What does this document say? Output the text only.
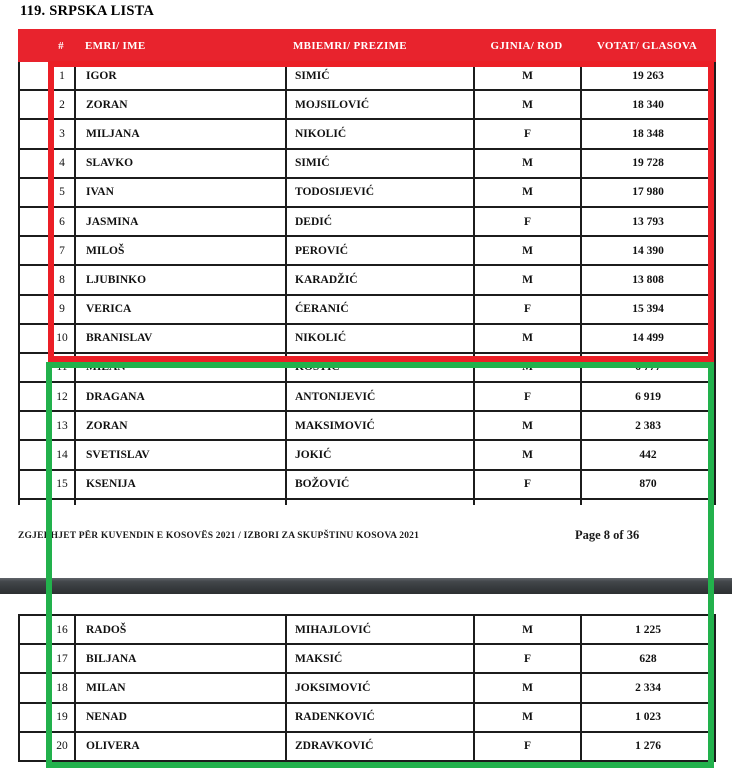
119. SRPSKA LISTA
#	EMRI/ IME	MBIEMRI/ PREZIME	GJINIA/ ROD	VOTAT/ GLASOVA
1	IGOR	SIMIĆ	M	19 263
2	ZORAN	MOJSILOVIĆ	M	18 340
3	MILJANA	NIKOLIĆ	F	18 348
4	SLAVKO	SIMIĆ	M	19 728
5	IVAN	TODOSIJEVIĆ	M	17 980
6	JASMINA	DEDIĆ	F	13 793
7	MILOŠ	PEROVIĆ	M	14 390
8	LJUBINKO	KARADŽIĆ	M	13 808
9	VERICA	ĆERANIĆ	F	15 394
10	BRANISLAV	NIKOLIĆ	M	14 499
11	MILAN	KOSTIĆ	M	6 777
12	DRAGANA	ANTONIJEVIĆ	F	6 919
13	ZORAN	MAKSIMOVIĆ	M	2 383
14	SVETISLAV	JOKIĆ	M	442
15	KSENIJA	BOŽOVIĆ	F	870
ZGJEDHJET PËR KUVENDIN E KOSOVËS 2021 / IZBORI ZA SKUPŠTINU KOSOVA 2021	Page 8 of 36
16	RADOŠ	MIHAJLOVIĆ	M	1 225
17	BILJANA	MAKSIĆ	F	628
18	MILAN	JOKSIMOVIĆ	M	2 334
19	NENAD	RADENKOVIĆ	M	1 023
20	OLIVERA	ZDRAVKOVIĆ	F	1 276
